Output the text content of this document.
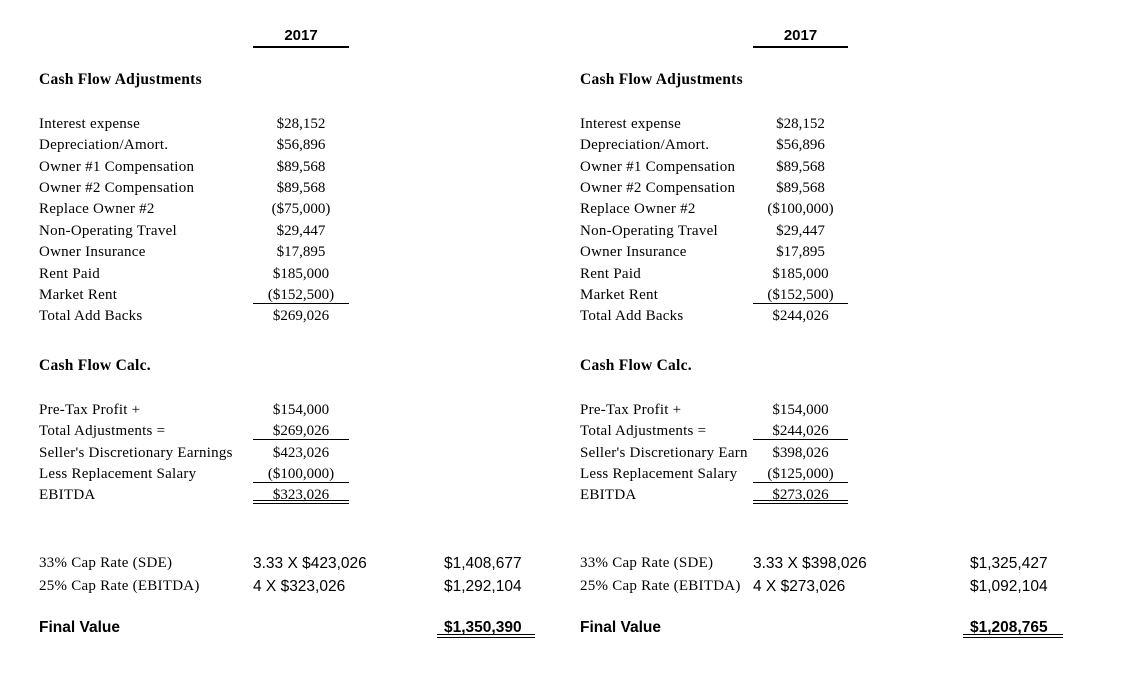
2017
Cash Flow Adjustments
Interest expense	$28,152
Depreciation/Amort.	$56,896
Owner #1 Compensation	$89,568
Owner #2 Compensation	$89,568
Replace Owner #2	($75,000)
Non-Operating Travel	$29,447
Owner Insurance	$17,895
Rent Paid	$185,000
Market Rent	($152,500)
Total Add Backs	$269,026
Cash Flow Calc.
Pre-Tax Profit +	$154,000
Total Adjustments =	$269,026
Seller's Discretionary Earnings	$423,026
Less Replacement Salary	($100,000)
EBITDA	$323,026
33% Cap Rate (SDE)	3.33 X $423,026	$1,408,677
25% Cap Rate (EBITDA)	4 X $323,026	$1,292,104
Final Value	$1,350,390
2017
Cash Flow Adjustments
Interest expense	$28,152
Depreciation/Amort.	$56,896
Owner #1 Compensation	$89,568
Owner #2 Compensation	$89,568
Replace Owner #2	($100,000)
Non-Operating Travel	$29,447
Owner Insurance	$17,895
Rent Paid	$185,000
Market Rent	($152,500)
Total Add Backs	$244,026
Cash Flow Calc.
Pre-Tax Profit +	$154,000
Total Adjustments =	$244,026
Seller's Discretionary Earn	$398,026
Less Replacement Salary	($125,000)
EBITDA	$273,026
33% Cap Rate (SDE)	3.33 X $398,026	$1,325,427
25% Cap Rate (EBITDA) 4 X $273,026	$1,092,104
Final Value	$1,208,765
